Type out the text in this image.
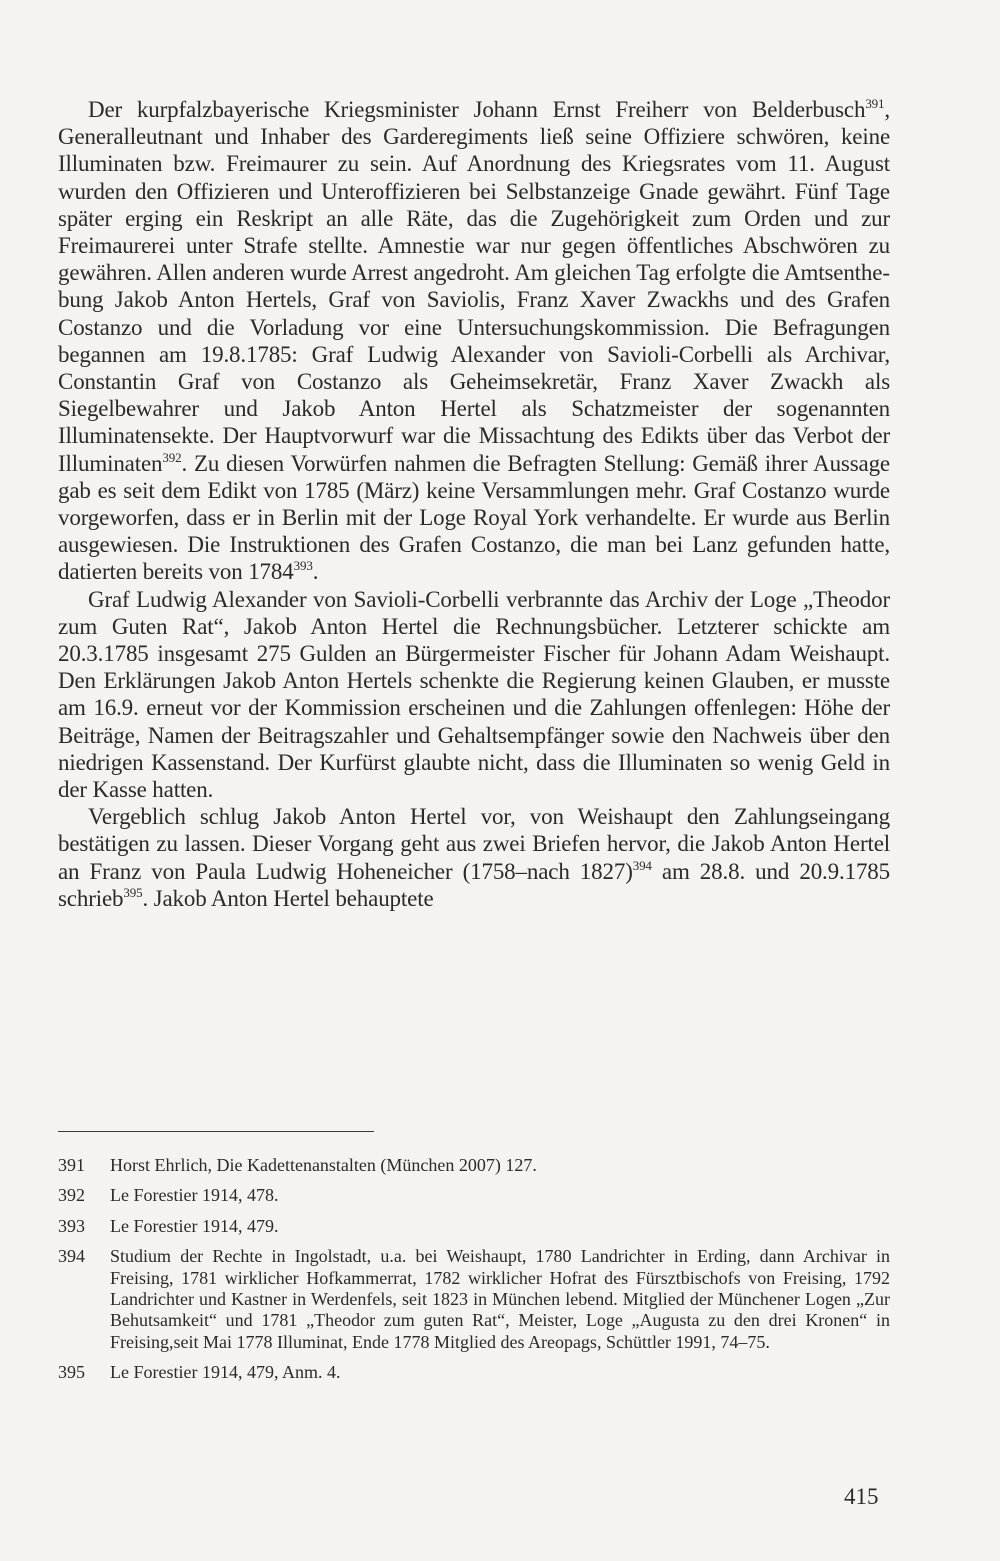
Der kurpfalzbayerische Kriegsminister Johann Ernst Freiherr von Belderbusch$^{391}$, Generalleutnant und Inhaber des Garderegiments ließ seine Offiziere schwören, keine Illuminaten bzw. Freimaurer zu sein. Auf Anordnung des Kriegsrates vom 11. August wurden den Offizieren und Unteroffizieren bei Selbstanzeige Gnade gewährt. Fünf Tage später erging ein Reskript an alle Räte, das die Zugehörigkeit zum Orden und zur Freimaurerei unter Strafe stellte. Amnestie war nur gegen öffentliches Abschwören zu gewähren. Allen anderen wurde Arrest angedroht. Am gleichen Tag erfolgte die Amtsenthebung Jakob Anton Hertels, Graf von Saviolis, Franz Xaver Zwackhs und des Grafen Costanzo und die Vorladung vor eine Untersuchungskommission. Die Befragungen begannen am 19.8.1785: Graf Ludwig Alexander von Savioli-Corbelli als Archivar, Constantin Graf von Costanzo als Geheimsekretär, Franz Xaver Zwackh als Siegelbewahrer und Jakob Anton Hertel als Schatzmeister der sogenannten Illuminatensekte. Der Hauptvorwurf war die Missachtung des Edikts über das Verbot der Illuminaten$^{392}$. Zu diesen Vorwürfen nahmen die Befragten Stellung: Gemäß ihrer Aussage gab es seit dem Edikt von 1785 (März) keine Versammlungen mehr. Graf Costanzo wurde vorgeworfen, dass er in Berlin mit der Loge Royal York verhandelte. Er wurde aus Berlin ausgewiesen. Die Instruktionen des Grafen Costanzo, die man bei Lanz gefunden hatte, datierten bereits von 1784$^{393}$.

Graf Ludwig Alexander von Savioli-Corbelli verbrannte das Archiv der Loge „Theodor zum Guten Rat“, Jakob Anton Hertel die Rechnungsbücher. Letzterer schickte am 20.3.1785 insgesamt 275 Gulden an Bürgermeister Fischer für Johann Adam Weishaupt. Den Erklärungen Jakob Anton Hertels schenkte die Regierung keinen Glauben, er musste am 16.9. erneut vor der Kommission erscheinen und die Zahlungen offenlegen: Höhe der Beiträge, Namen der Beitragszahler und Gehaltsempfänger sowie den Nachweis über den niedrigen Kassenstand. Der Kurfürst glaubte nicht, dass die Illuminaten so wenig Geld in der Kasse hatten.

Vergeblich schlug Jakob Anton Hertel vor, von Weishaupt den Zahlungseingang bestätigen zu lassen. Dieser Vorgang geht aus zwei Briefen hervor, die Jakob Anton Hertel an Franz von Paula Ludwig Hoheneicher (1758–nach 1827)$^{394}$ am 28.8. und 20.9.1785 schrieb$^{395}$. Jakob Anton Hertel behauptete

391	Horst Ehrlich, Die Kadettenanstalten (München 2007) 127.
392	Le Forestier 1914, 478.
393	Le Forestier 1914, 479.
394	Studium der Rechte in Ingolstadt, u.a. bei Weishaupt, 1780 Landrichter in Erding, dann Archivar in Freising, 1781 wirklicher Hofkammerrat, 1782 wirklicher Hofrat des Fürsztbischofs von Freising, 1792 Landrichter und Kastner in Werdenfels, seit 1823 in München lebend. Mitglied der Münchener Logen „Zur Behutsamkeit“ und 1781 „Theodor zum guten Rat“, Meister, Loge „Augusta zu den drei Kronen“ in Freising,seit Mai 1778 Illuminat, Ende 1778 Mitglied des Areopags, Schüttler 1991, 74–75.
395	Le Forestier 1914, 479, Anm. 4.
415
